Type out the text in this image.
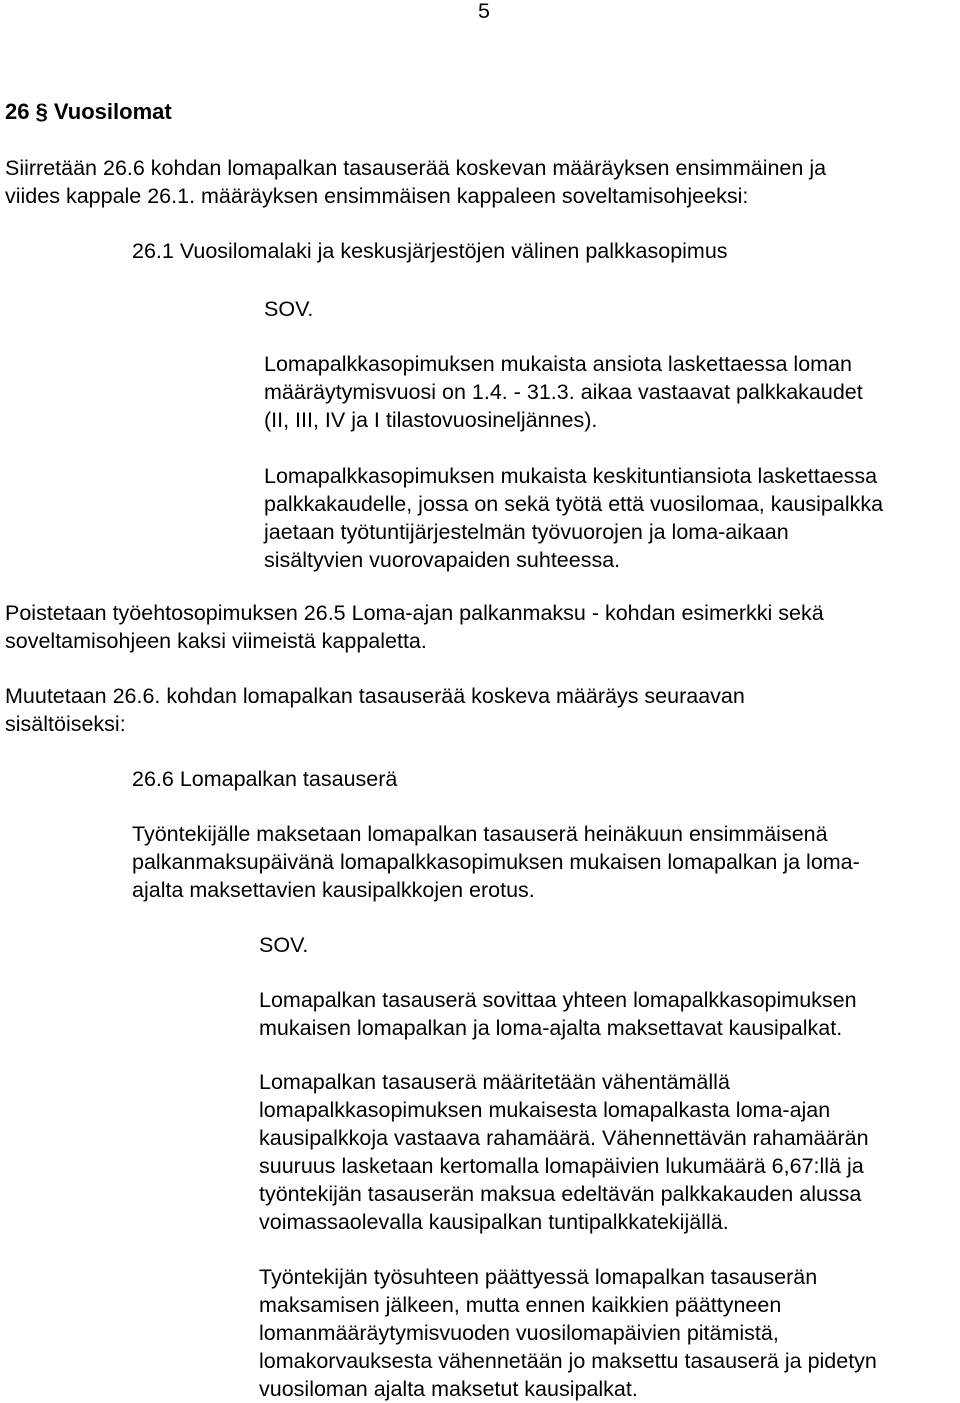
5
26 § Vuosilomat

Siirretään 26.6 kohdan lomapalkan tasauserää koskevan määräyksen ensimmäinen ja
viides kappale 26.1. määräyksen ensimmäisen kappaleen soveltamisohjeeksi:

26.1 Vuosilomalaki ja keskusjärjestöjen välinen palkkasopimus

SOV.

Lomapalkkasopimuksen mukaista ansiota laskettaessa loman
määräytymisvuosi on 1.4. - 31.3. aikaa vastaavat palkkakaudet
(II, III, IV ja I tilastovuosineljännes).

Lomapalkkasopimuksen mukaista keskituntiansiota laskettaessa
palkkakaudelle, jossa on sekä työtä että vuosilomaa, kausipalkka
jaetaan työtuntijärjestelmän työvuorojen ja loma-aikaan
sisältyvien vuorovapaiden suhteessa.

Poistetaan työehtosopimuksen 26.5 Loma-ajan palkanmaksu - kohdan esimerkki sekä
soveltamisohjeen kaksi viimeistä kappaletta.

Muutetaan 26.6. kohdan lomapalkan tasauserää koskeva määräys seuraavan
sisältöiseksi:

26.6 Lomapalkan tasauserä

Työntekijälle maksetaan lomapalkan tasauserä heinäkuun ensimmäisenä
palkanmaksupäivänä lomapalkkasopimuksen mukaisen lomapalkan ja loma-
ajalta maksettavien kausipalkkojen erotus.

SOV.

Lomapalkan tasauserä sovittaa yhteen lomapalkkasopimuksen
mukaisen lomapalkan ja loma-ajalta maksettavat kausipalkat.

Lomapalkan tasauserä määritetään vähentämällä
lomapalkkasopimuksen mukaisesta lomapalkasta loma-ajan
kausipalkkoja vastaava rahamäärä. Vähennettävän rahamäärän
suuruus lasketaan kertomalla lomapäivien lukumäärä 6,67:llä ja
työntekijän tasauserän maksua edeltävän palkkakauden alussa
voimassaolevalla kausipalkan tuntipalkkatekijällä.

Työntekijän työsuhteen päättyessä lomapalkan tasauserän
maksamisen jälkeen, mutta ennen kaikkien päättyneen
lomanmääräytymisvuoden vuosilomapäivien pitämistä,
lomakorvauksesta vähennetään jo maksettu tasauserä ja pidetyn
vuosiloman ajalta maksetut kausipalkat.
